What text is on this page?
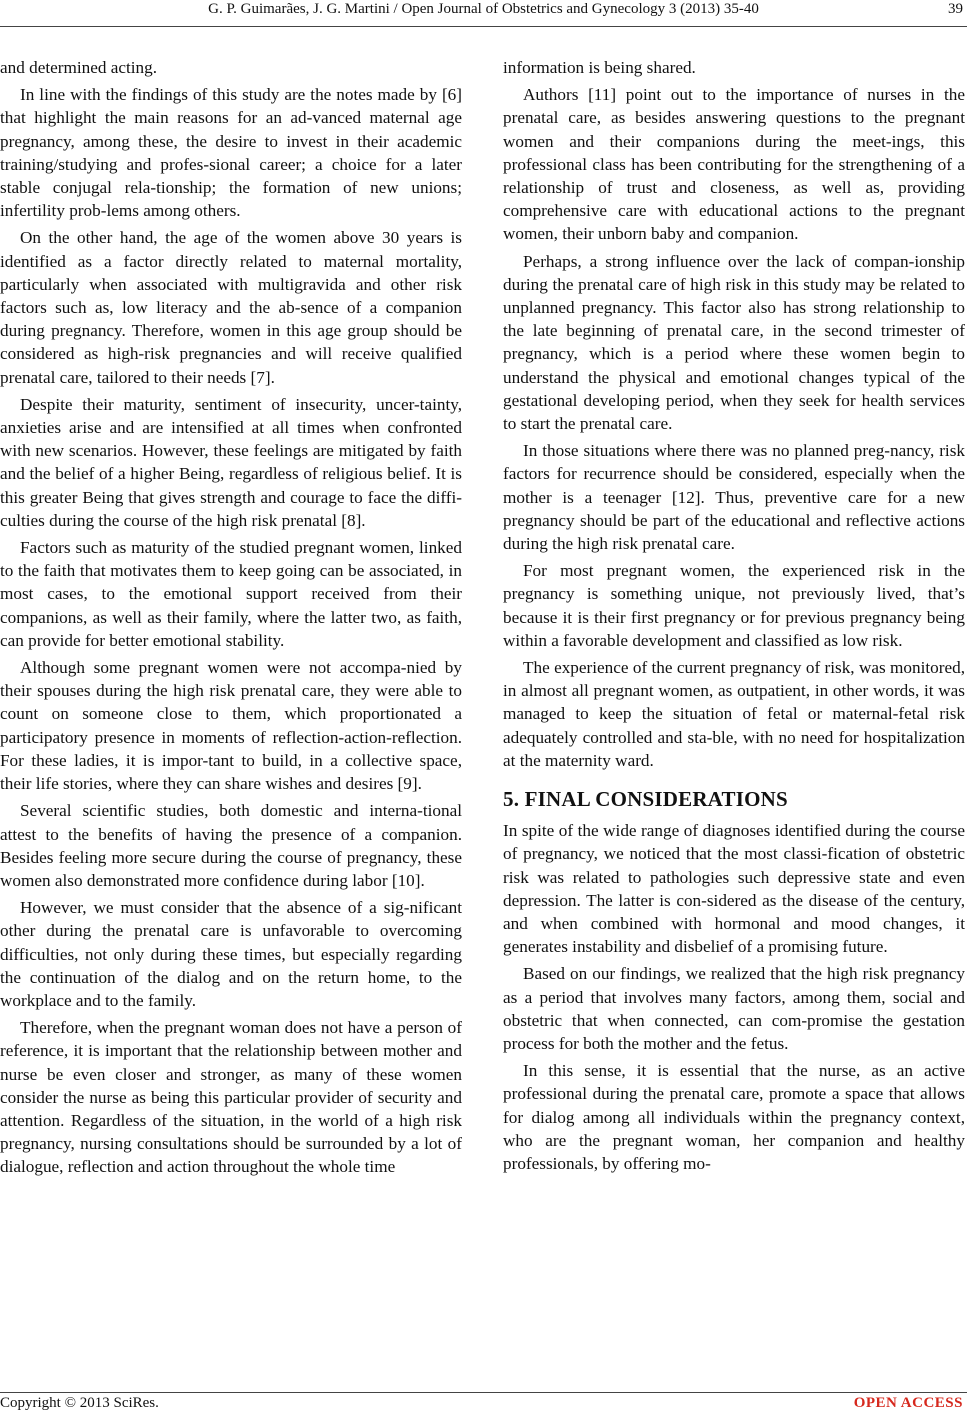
G. P. Guimarães, J. G. Martini / Open Journal of Obstetrics and Gynecology 3 (2013) 35-40	39

and determined acting.

In line with the findings of this study are the notes made by [6] that highlight the main reasons for an ad-vanced maternal age pregnancy, among these, the desire to invest in their academic training/studying and profes-sional career; a choice for a later stable conjugal rela-tionship; the formation of new unions; infertility prob-lems among others.

On the other hand, the age of the women above 30 years is identified as a factor directly related to maternal mortality, particularly when associated with multigravida and other risk factors such as, low literacy and the ab-sence of a companion during pregnancy. Therefore, women in this age group should be considered as high-risk pregnancies and will receive qualified prenatal care, tailored to their needs [7].

Despite their maturity, sentiment of insecurity, uncer-tainty, anxieties arise and are intensified at all times when confronted with new scenarios. However, these feelings are mitigated by faith and the belief of a higher Being, regardless of religious belief. It is this greater Being that gives strength and courage to face the diffi-culties during the course of the high risk prenatal [8].

Factors such as maturity of the studied pregnant women, linked to the faith that motivates them to keep going can be associated, in most cases, to the emotional support received from their companions, as well as their family, where the latter two, as faith, can provide for better emotional stability.

Although some pregnant women were not accompa-nied by their spouses during the high risk prenatal care, they were able to count on someone close to them, which proportionated a participatory presence in moments of reflection-action-reflection. For these ladies, it is impor-tant to build, in a collective space, their life stories, where they can share wishes and desires [9].

Several scientific studies, both domestic and interna-tional attest to the benefits of having the presence of a companion. Besides feeling more secure during the course of pregnancy, these women also demonstrated more confidence during labor [10].

However, we must consider that the absence of a sig-nificant other during the prenatal care is unfavorable to overcoming difficulties, not only during these times, but especially regarding the continuation of the dialog and on the return home, to the workplace and to the family.

Therefore, when the pregnant woman does not have a person of reference, it is important that the relationship between mother and nurse be even closer and stronger, as many of these women consider the nurse as being this particular provider of security and attention. Regardless of the situation, in the world of a high risk pregnancy, nursing consultations should be surrounded by a lot of dialogue, reflection and action throughout the whole time

information is being shared.

Authors [11] point out to the importance of nurses in the prenatal care, as besides answering questions to the pregnant women and their companions during the meet-ings, this professional class has been contributing for the strengthening of a relationship of trust and closeness, as well as, providing comprehensive care with educational actions to the pregnant women, their unborn baby and companion.

Perhaps, a strong influence over the lack of compan-ionship during the prenatal care of high risk in this study may be related to unplanned pregnancy. This factor also has strong relationship to the late beginning of prenatal care, in the second trimester of pregnancy, which is a period where these women begin to understand the physical and emotional changes typical of the gestational developing period, when they seek for health services to start the prenatal care.

In those situations where there was no planned preg-nancy, risk factors for recurrence should be considered, especially when the mother is a teenager [12]. Thus, preventive care for a new pregnancy should be part of the educational and reflective actions during the high risk prenatal care.

For most pregnant women, the experienced risk in the pregnancy is something unique, not previously lived, that’s because it is their first pregnancy or for previous pregnancy being within a favorable development and classified as low risk.

The experience of the current pregnancy of risk, was monitored, in almost all pregnant women, as outpatient, in other words, it was managed to keep the situation of fetal or maternal-fetal risk adequately controlled and sta-ble, with no need for hospitalization at the maternity ward.

5. FINAL CONSIDERATIONS

In spite of the wide range of diagnoses identified during the course of pregnancy, we noticed that the most classi-fication of obstetric risk was related to pathologies such depressive state and even depression. The latter is con-sidered as the disease of the century, and when combined with hormonal and mood changes, it generates instability and disbelief of a promising future.

Based on our findings, we realized that the high risk pregnancy as a period that involves many factors, among them, social and obstetric that when connected, can com-promise the gestation process for both the mother and the fetus.

In this sense, it is essential that the nurse, as an active professional during the prenatal care, promote a space that allows for dialog among all individuals within the pregnancy context, who are the pregnant woman, her companion and healthy professionals, by offering mo-

Copyright © 2013 SciRes.	OPEN ACCESS
